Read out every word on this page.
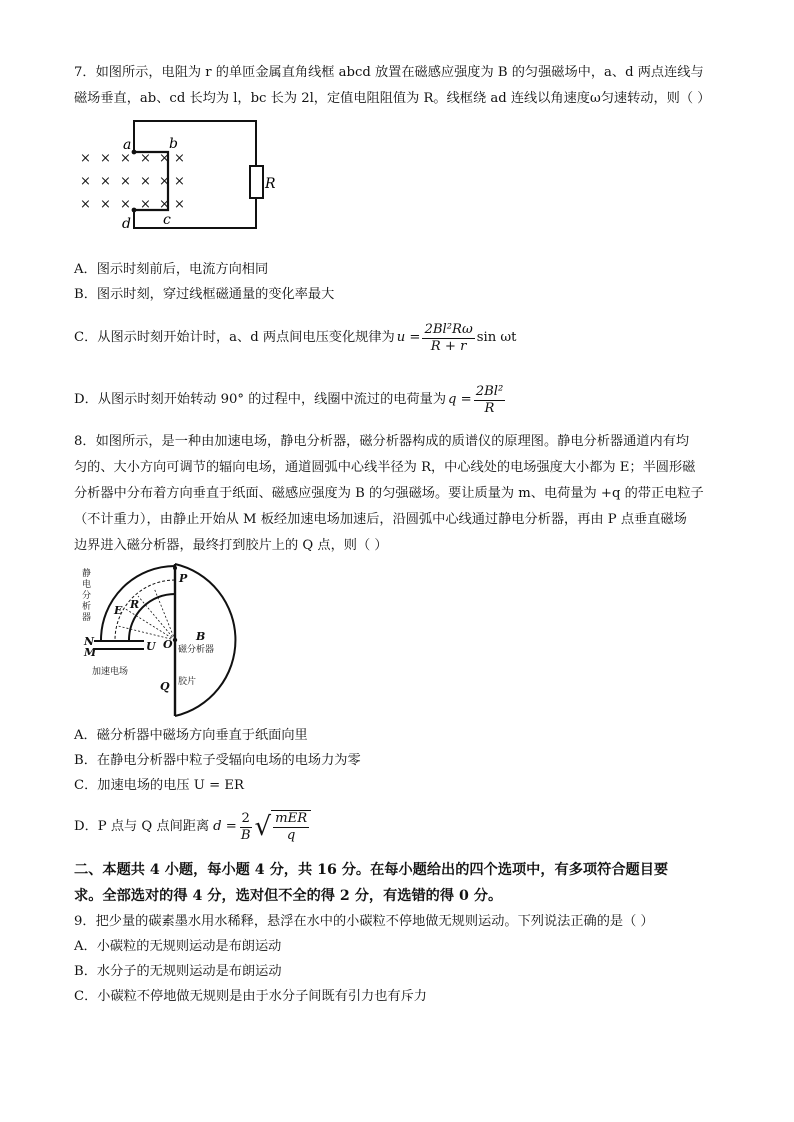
7．如图所示，电阻为 r 的单匝金属直角线框 abcd 放置在磁感应强度为 B 的匀强磁场中，a、d 两点连线与
磁场垂直，ab、cd 长均为 l，bc 长为 2l，定值电阻阻值为 R。线框绕 ad 连线以角速度ω匀速转动，则（ ）
× × × × × ×
× × × × × ×
× × × × × ×
a	b
c
d
R
A．图示时刻前后，电流方向相同
B．图示时刻，穿过线框磁通量的变化率最大
C．从图示时刻开始计时，a、d 两点间电压变化规律为 $u = \frac{\text{2Bl²Rω}}{R + r}$ sin ωt
D．从图示时刻开始转动 90° 的过程中，线圈中流过的电荷量为 $q = \frac{\text{2Bl²}}{R}$
8．如图所示，是一种由加速电场，静电分析器，磁分析器构成的质谱仪的原理图。静电分析器通道内有均
匀的、大小方向可调节的辐向电场，通道圆弧中心线半径为 R，中心线处的电场强度大小都为 E；半圆形磁
分析器中分布着方向垂直于纸面、磁感应强度为 B 的匀强磁场。要让质量为 m、电荷量为 +q 的带正电粒子
（不计重力），由静止开始从 M 板经加速电场加速后，沿圆弧中心线通过静电分析器，再由 P 点垂直磁场
边界进入磁分析器，最终打到胶片上的 Q 点，则（ ）
静
电
分
析
器
磁分析器
加速电场
胶片
P
R
E
O
B
N
M	U
Q
A．磁分析器中磁场方向垂直于纸面向里
B．在静电分析器中粒子受辐向电场的电场力为零
C．加速电场的电压 U = ER
D．P 点与 Q 点间距离 $d = \frac{2}{B}$ √ $\frac{\text{mER}}{q}$
二、本题共 4 小题，每小题 4 分，共 16 分。在每小题给出的四个选项中，有多项符合题目要
求。全部选对的得 4 分，选对但不全的得 2 分，有选错的得 0 分。
9．把少量的碳素墨水用水稀释，悬浮在水中的小碳粒不停地做无规则运动。下列说法正确的是（ ）
A．小碳粒的无规则运动是布朗运动
B．水分子的无规则运动是布朗运动
C．小碳粒不停地做无规则是由于水分子间既有引力也有斥力
